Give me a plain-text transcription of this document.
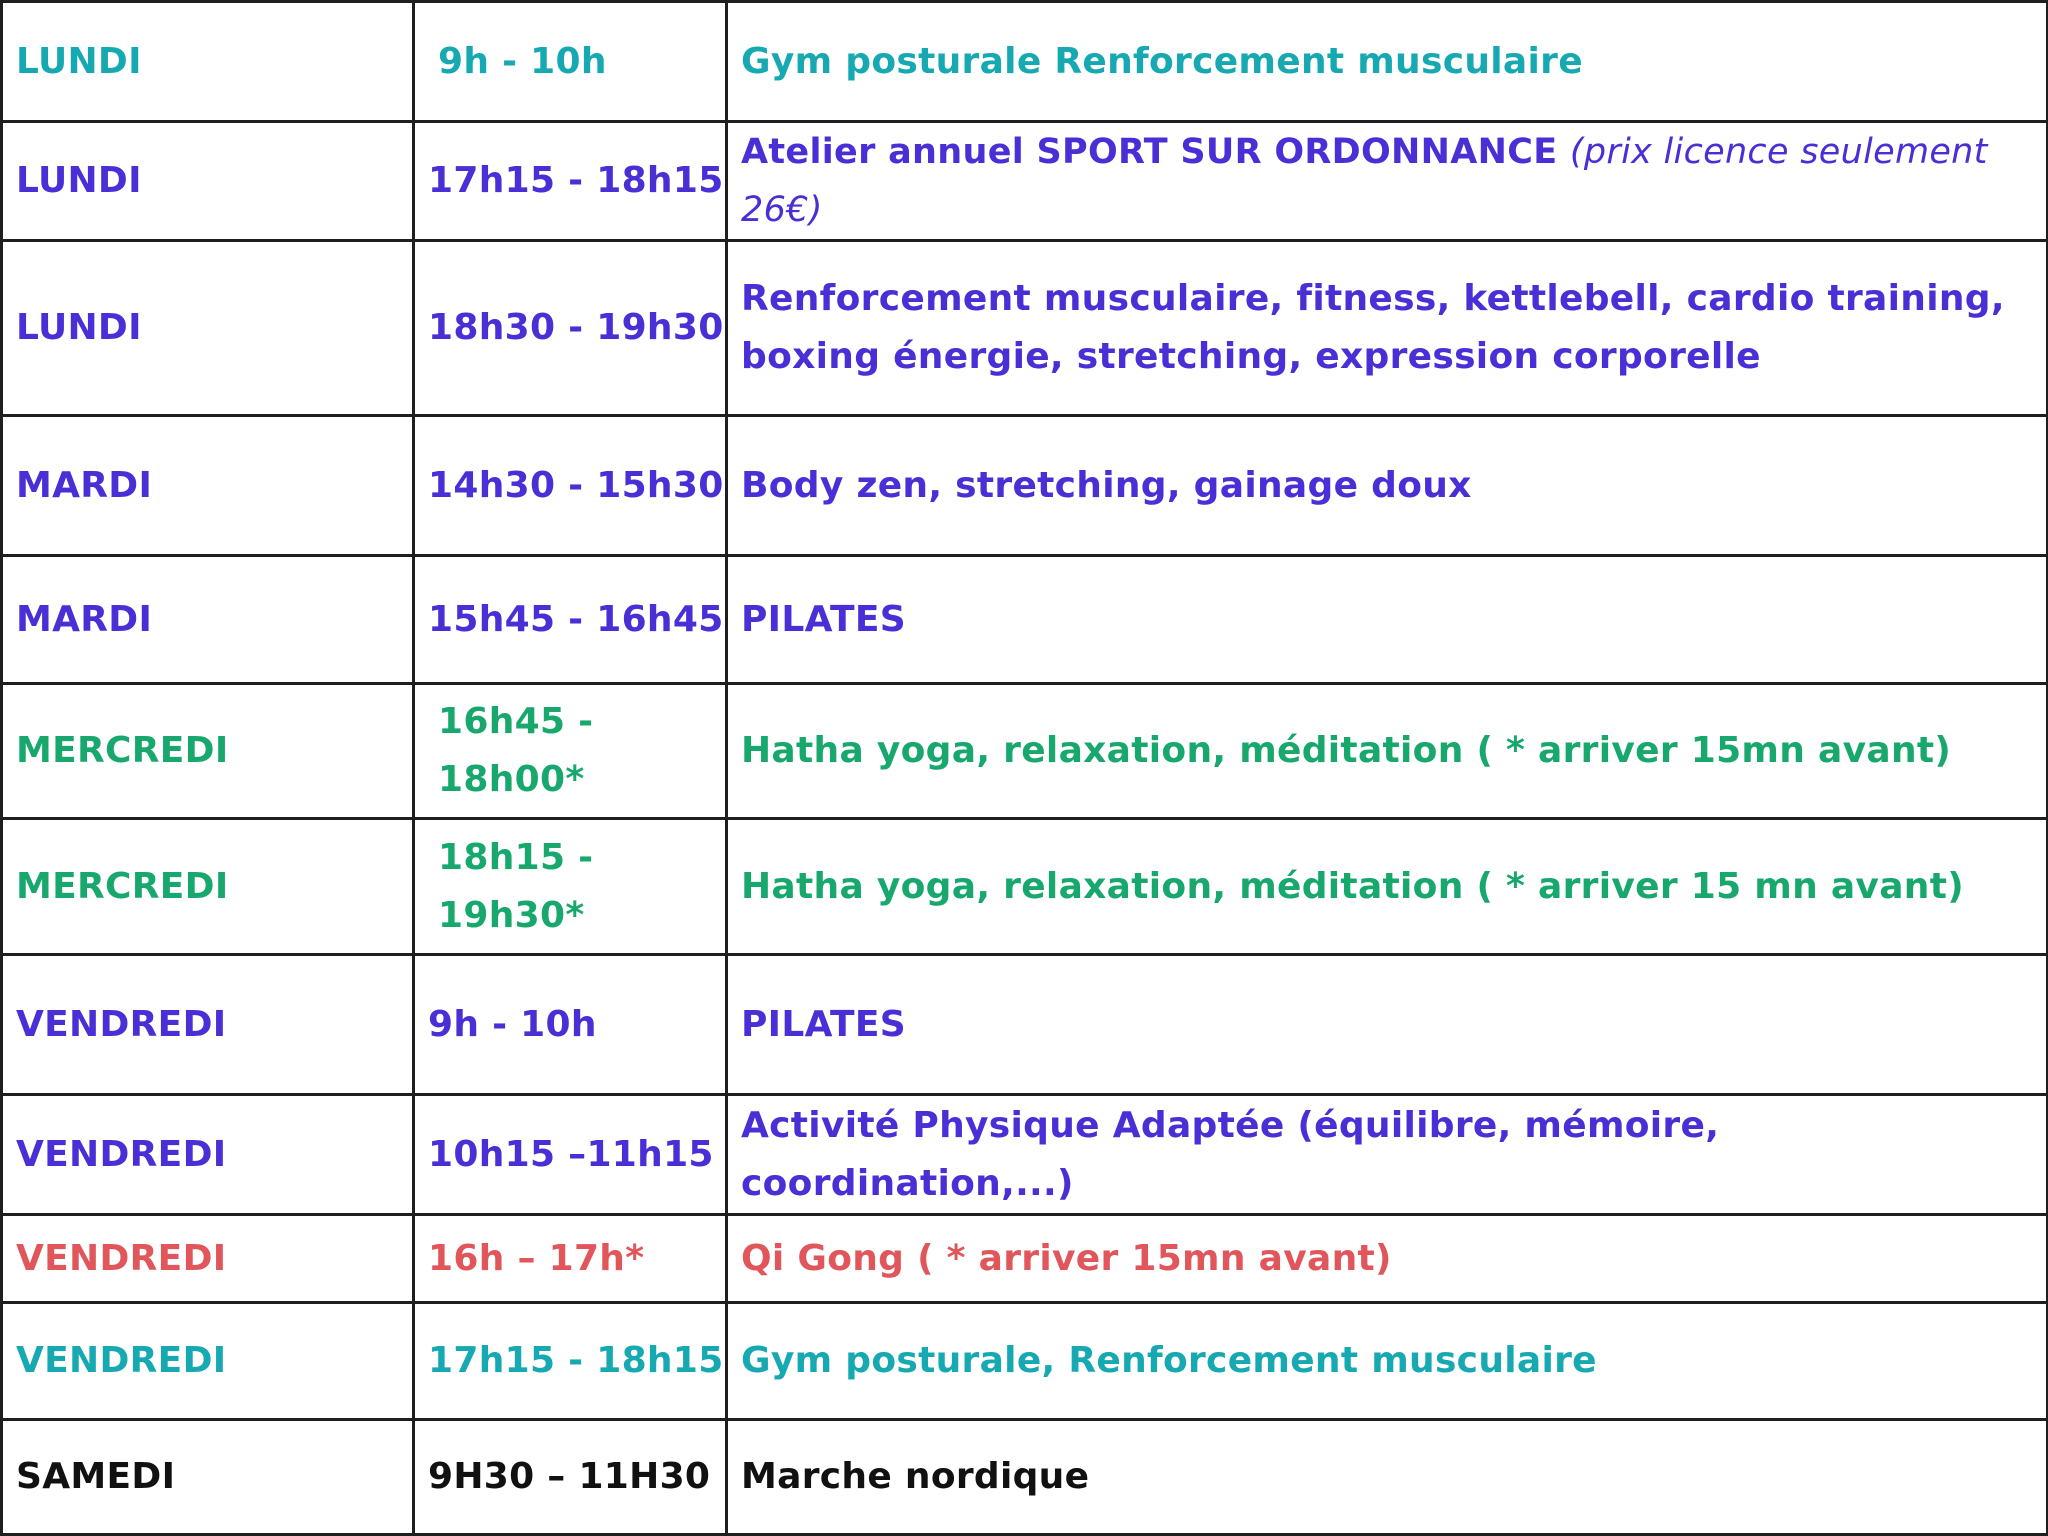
LUNDI	9h - 10h	Gym posturale Renforcement musculaire
LUNDI	17h15 - 18h15	Atelier annuel SPORT SUR ORDONNANCE (prix licence seulement 26€)
LUNDI	18h30 - 19h30	Renforcement musculaire, fitness, kettlebell, cardio training, boxing énergie, stretching, expression corporelle
MARDI	14h30 - 15h30	Body zen, stretching, gainage doux
MARDI	15h45 - 16h45	PILATES
MERCREDI	16h45 - 18h00*	Hatha yoga, relaxation, méditation ( * arriver 15mn avant)
MERCREDI	18h15 - 19h30*	Hatha yoga, relaxation, méditation ( * arriver 15 mn avant)
VENDREDI	9h - 10h	PILATES
VENDREDI	10h15 –11h15	Activité Physique Adaptée (équilibre, mémoire, coordination,...)
VENDREDI	16h – 17h*	Qi Gong ( * arriver 15mn avant)
VENDREDI	17h15 - 18h15	Gym posturale, Renforcement musculaire
SAMEDI	9H30 – 11H30	Marche nordique
